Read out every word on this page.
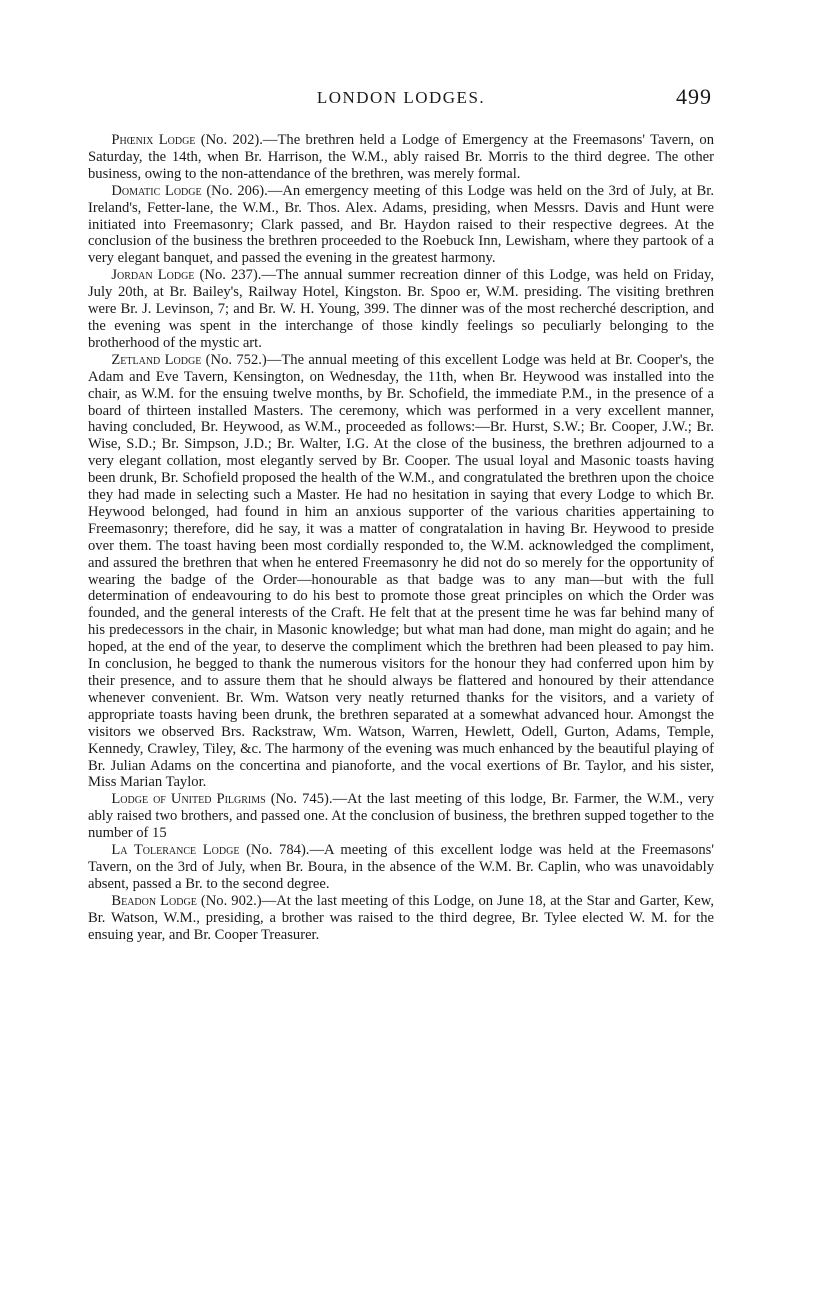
LONDON LODGES.	499

Phœnix Lodge (No. 202).—The brethren held a Lodge of Emergency at the Freemasons' Tavern, on Saturday, the 14th, when Br. Harrison, the W.M., ably raised Br. Morris to the third degree. The other business, owing to the non-attendance of the brethren, was merely formal.

Domatic Lodge (No. 206).—An emergency meeting of this Lodge was held on the 3rd of July, at Br. Ireland's, Fetter-lane, the W.M., Br. Thos. Alex. Adams, presiding, when Messrs. Davis and Hunt were initiated into Freemasonry; Clark passed, and Br. Haydon raised to their respective degrees. At the conclusion of the business the brethren proceeded to the Roebuck Inn, Lewisham, where they partook of a very elegant banquet, and passed the evening in the greatest harmony.

Jordan Lodge (No. 237).—The annual summer recreation dinner of this Lodge, was held on Friday, July 20th, at Br. Bailey's, Railway Hotel, Kingston. Br. Spoo er, W.M. presiding. The visiting brethren were Br. J. Levinson, 7; and Br. W. H. Young, 399. The dinner was of the most recherché description, and the evening was spent in the interchange of those kindly feelings so peculiarly belonging to the brotherhood of the mystic art.

Zetland Lodge (No. 752.)—The annual meeting of this excellent Lodge was held at Br. Cooper's, the Adam and Eve Tavern, Kensington, on Wednesday, the 11th, when Br. Heywood was installed into the chair, as W.M. for the ensuing twelve months, by Br. Schofield, the immediate P.M., in the presence of a board of thirteen installed Masters. The ceremony, which was performed in a very excellent manner, having concluded, Br. Heywood, as W.M., proceeded as follows:—Br. Hurst, S.W.; Br. Cooper, J.W.; Br. Wise, S.D.; Br. Simpson, J.D.; Br. Walter, I.G. At the close of the business, the brethren adjourned to a very elegant collation, most elegantly served by Br. Cooper. The usual loyal and Masonic toasts having been drunk, Br. Schofield proposed the health of the W.M., and congratulated the brethren upon the choice they had made in selecting such a Master. He had no hesitation in saying that every Lodge to which Br. Heywood belonged, had found in him an anxious supporter of the various charities appertaining to Freemasonry; therefore, did he say, it was a matter of congratalation in having Br. Heywood to preside over them. The toast having been most cordially responded to, the W.M. acknowledged the compliment, and assured the brethren that when he entered Freemasonry he did not do so merely for the opportunity of wearing the badge of the Order—honourable as that badge was to any man—but with the full determination of endeavouring to do his best to promote those great principles on which the Order was founded, and the general interests of the Craft. He felt that at the present time he was far behind many of his predecessors in the chair, in Masonic knowledge; but what man had done, man might do again; and he hoped, at the end of the year, to deserve the compliment which the brethren had been pleased to pay him. In conclusion, he begged to thank the numerous visitors for the honour they had conferred upon him by their presence, and to assure them that he should always be flattered and honoured by their attendance whenever convenient. Br. Wm. Watson very neatly returned thanks for the visitors, and a variety of appropriate toasts having been drunk, the brethren separated at a somewhat advanced hour. Amongst the visitors we observed Brs. Rackstraw, Wm. Watson, Warren, Hewlett, Odell, Gurton, Adams, Temple, Kennedy, Crawley, Tiley, &c. The harmony of the evening was much enhanced by the beautiful playing of Br. Julian Adams on the concertina and pianoforte, and the vocal exertions of Br. Taylor, and his sister, Miss Marian Taylor.

Lodge of United Pilgrims (No. 745).—At the last meeting of this lodge, Br. Farmer, the W.M., very ably raised two brothers, and passed one. At the conclusion of business, the brethren supped together to the number of 15

La Tolerance Lodge (No. 784).—A meeting of this excellent lodge was held at the Freemasons' Tavern, on the 3rd of July, when Br. Boura, in the absence of the W.M. Br. Caplin, who was unavoidably absent, passed a Br. to the second degree.

Beadon Lodge (No. 902.)—At the last meeting of this Lodge, on June 18, at the Star and Garter, Kew, Br. Watson, W.M., presiding, a brother was raised to the third degree, Br. Tylee elected W. M. for the ensuing year, and Br. Cooper Treasurer.
